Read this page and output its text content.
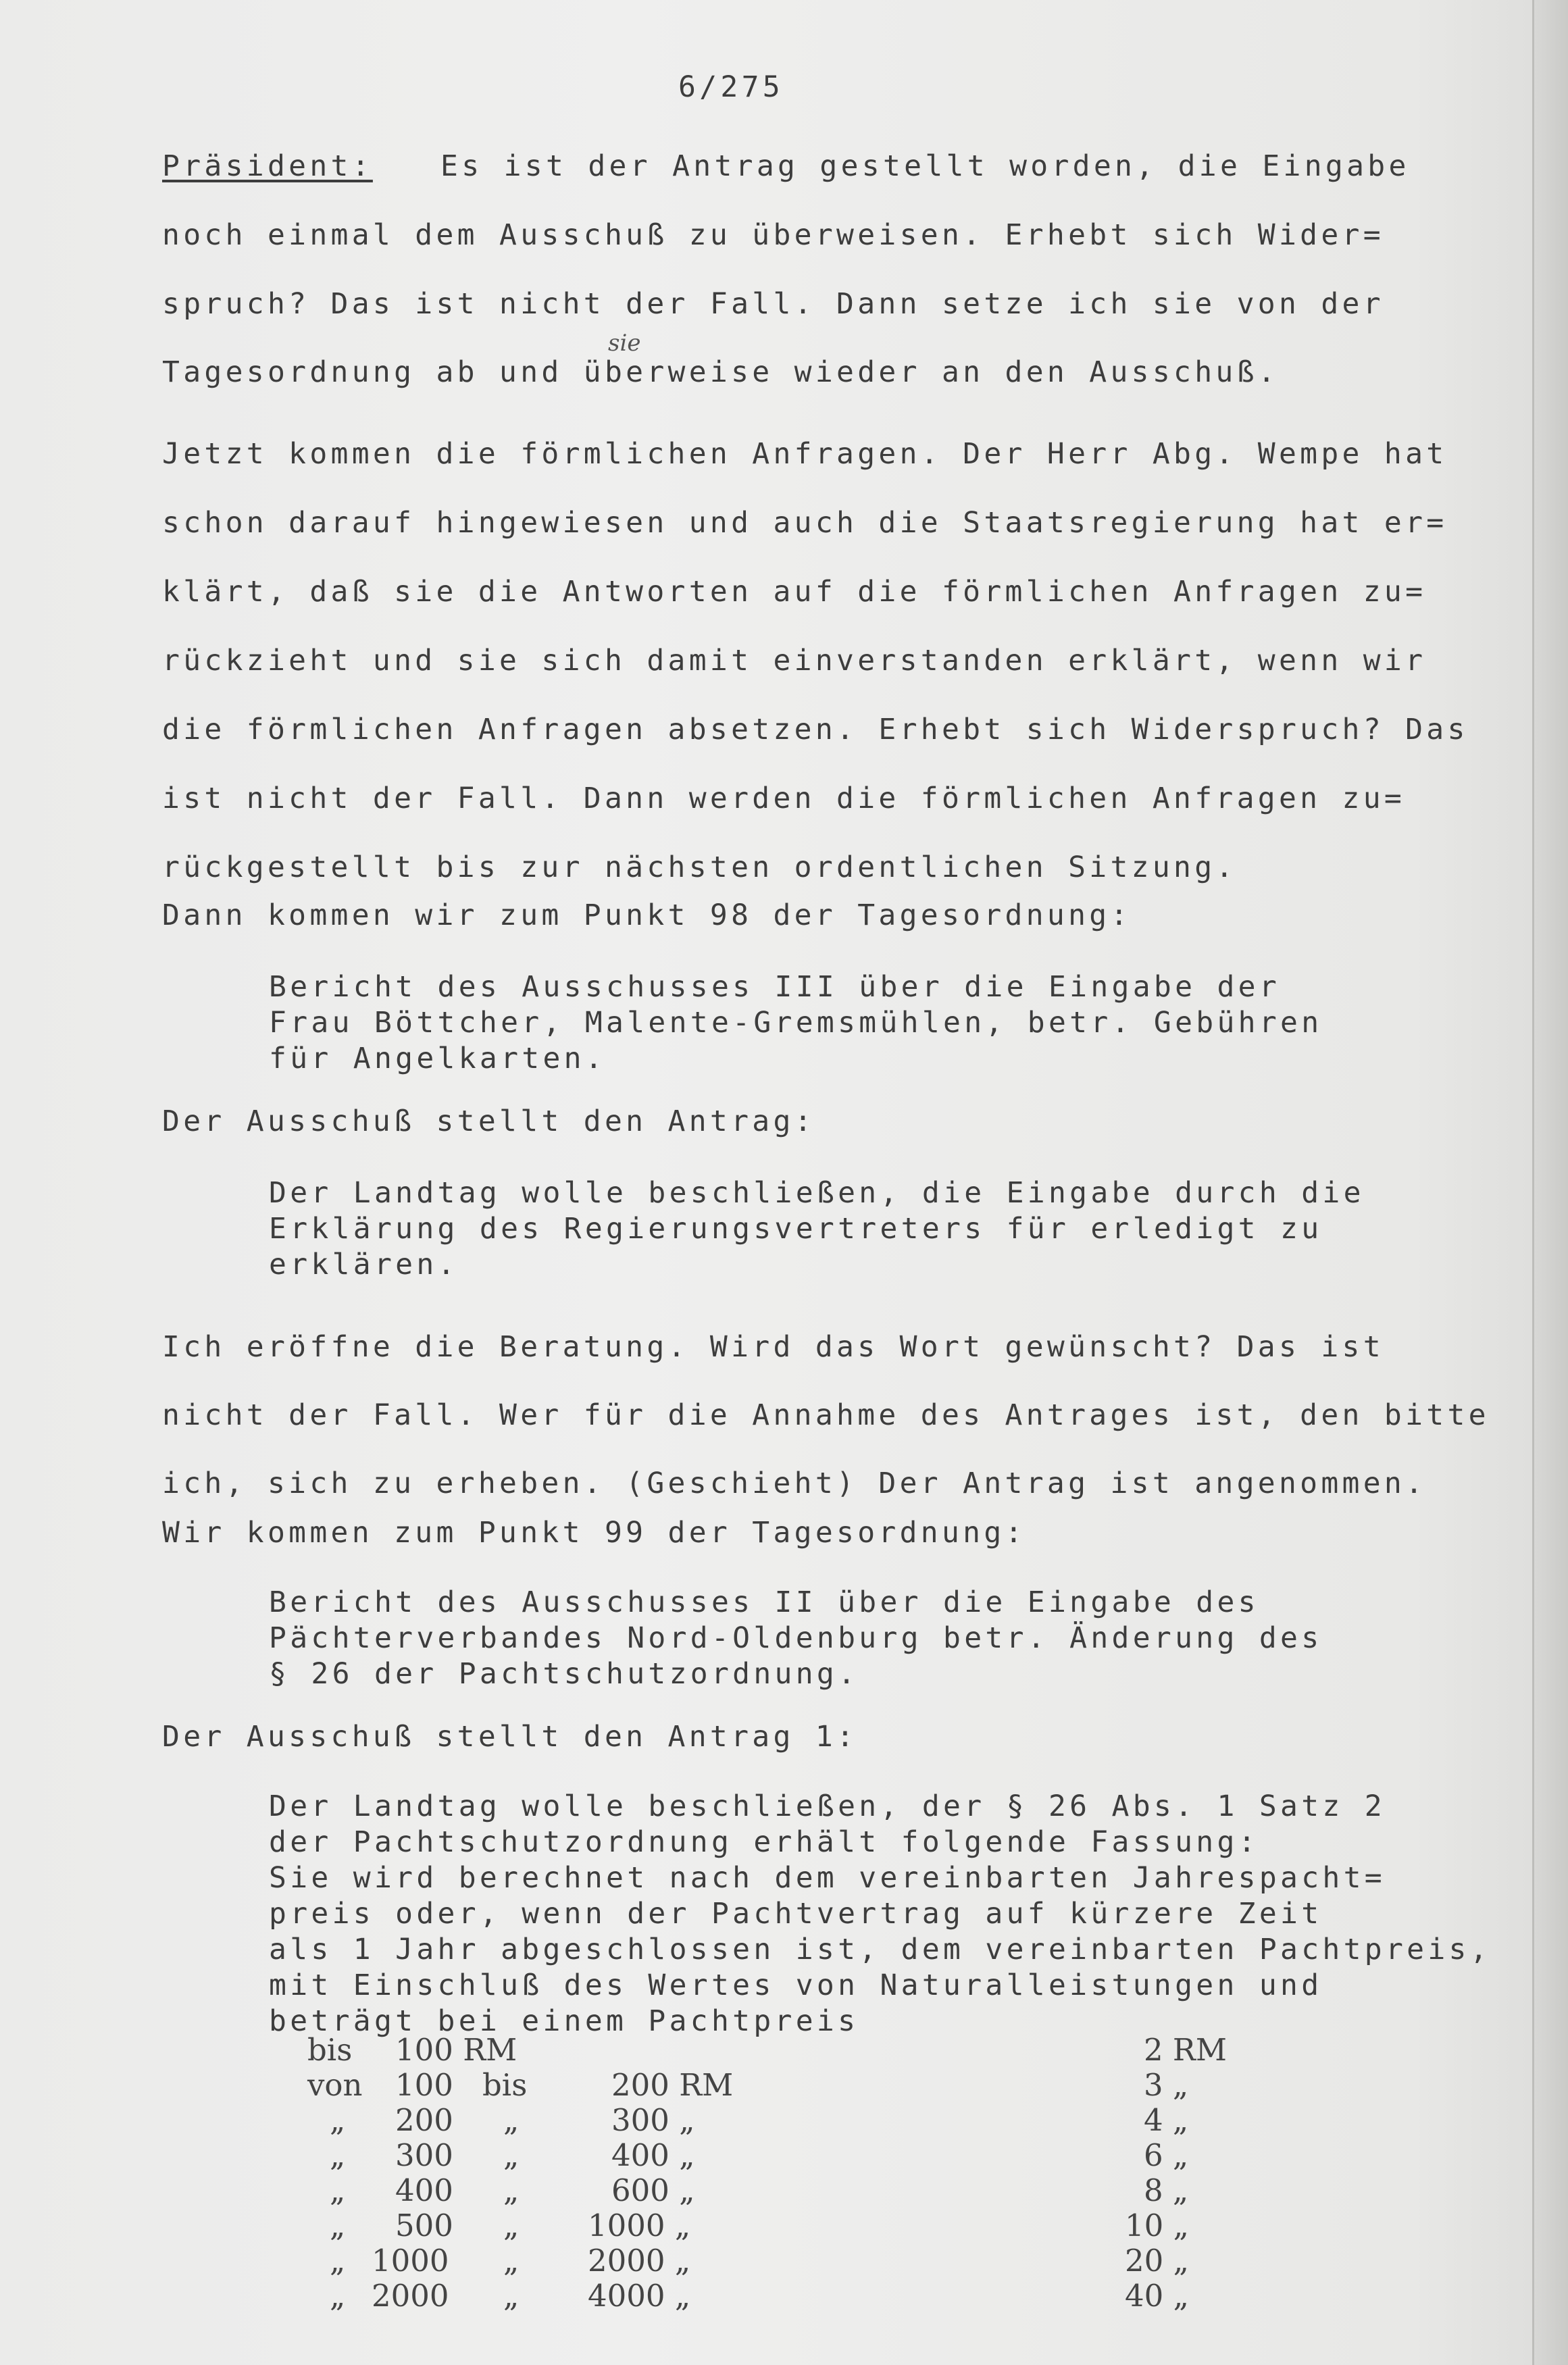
6/275
Präsident: Es ist der Antrag gestellt worden, die Eingabe
noch einmal dem Ausschuß zu überweisen. Erhebt sich Wider=
spruch? Das ist nicht der Fall. Dann setze ich sie von der
Tagesordnung ab und überweise wieder an den Ausschuß.
sie
Jetzt kommen die förmlichen Anfragen. Der Herr Abg. Wempe hat
schon darauf hingewiesen und auch die Staatsregierung hat er=
klärt, daß sie die Antworten auf die förmlichen Anfragen zu=
rückzieht und sie sich damit einverstanden erklärt, wenn wir
die förmlichen Anfragen absetzen. Erhebt sich Widerspruch? Das
ist nicht der Fall. Dann werden die förmlichen Anfragen zu=
rückgestellt bis zur nächsten ordentlichen Sitzung.
Dann kommen wir zum Punkt 98 der Tagesordnung:
Bericht des Ausschusses III über die Eingabe der
Frau Böttcher, Malente-Gremsmühlen, betr. Gebühren
für Angelkarten.
Der Ausschuß stellt den Antrag:
Der Landtag wolle beschließen, die Eingabe durch die
Erklärung des Regierungsvertreters für erledigt zu
erklären.
Ich eröffne die Beratung. Wird das Wort gewünscht? Das ist
nicht der Fall. Wer für die Annahme des Antrages ist, den bitte
ich, sich zu erheben. (Geschieht) Der Antrag ist angenommen.
Wir kommen zum Punkt 99 der Tagesordnung:
Bericht des Ausschusses II über die Eingabe des
Pächterverbandes Nord-Oldenburg betr. Änderung des
§ 26 der Pachtschutzordnung.
Der Ausschuß stellt den Antrag 1:
Der Landtag wolle beschließen, der § 26 Abs. 1 Satz 2
der Pachtschutzordnung erhält folgende Fassung:
Sie wird berechnet nach dem vereinbarten Jahrespacht=
preis oder, wenn der Pachtvertrag auf kürzere Zeit
als 1 Jahr abgeschlossen ist, dem vereinbarten Pachtpreis,
mit Einschluß des Wertes von Naturalleistungen und
beträgt bei einem Pachtpreis
bis 100 RM	2 RM
von 100 bis	200 RM	3 „
„ 200 „	300 „	4 „
„ 300 „	400 „	6 „
„ 400 „	600 „	8 „
„ 500 „ 1000 „	10 „
„ 1000 „ 2000 „	20 „
„ 2000 „ 4000 „	40 „
